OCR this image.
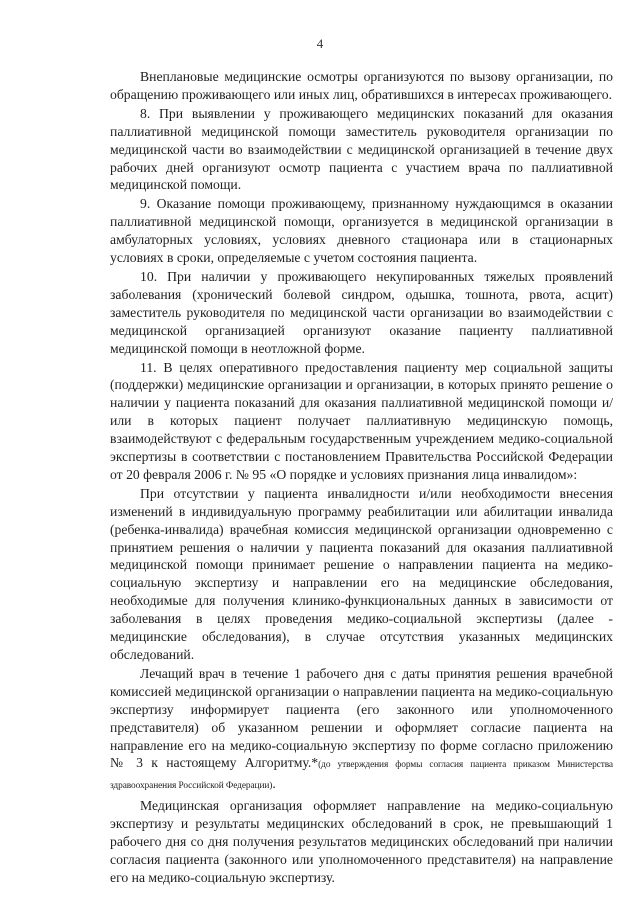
4

Внеплановые медицинские осмотры организуются по вызову организации, по обращению проживающего или иных лиц, обратившихся в интересах проживающего.

8. При выявлении у проживающего медицинских показаний для оказания паллиативной медицинской помощи заместитель руководителя организации по медицинской части во взаимодействии с медицинской организацией в течение двух рабочих дней организуют осмотр пациента с участием врача по паллиативной медицинской помощи.

9. Оказание помощи проживающему, признанному нуждающимся в оказании паллиативной медицинской помощи, организуется в медицинской организации в амбулаторных условиях, условиях дневного стационара или в стационарных условиях в сроки, определяемые с учетом состояния пациента.

10. При наличии у проживающего некупированных тяжелых проявлений заболевания (хронический болевой синдром, одышка, тошнота, рвота, асцит) заместитель руководителя по медицинской части организации во взаимодействии с медицинской организацией организуют оказание пациенту паллиативной медицинской помощи в неотложной форме.

11. В целях оперативного предоставления пациенту мер социальной защиты (поддержки) медицинские организации и организации, в которых принято решение о наличии у пациента показаний для оказания паллиативной медицинской помощи и/или в которых пациент получает паллиативную медицинскую помощь, взаимодействуют с федеральным государственным учреждением медико-социальной экспертизы в соответствии с постановлением Правительства Российской Федерации от 20 февраля 2006 г. № 95 «О порядке и условиях признания лица инвалидом»:

При отсутствии у пациента инвалидности и/или необходимости внесения изменений в индивидуальную программу реабилитации или абилитации инвалида (ребенка-инвалида) врачебная комиссия медицинской организации одновременно с принятием решения о наличии у пациента показаний для оказания паллиативной медицинской помощи принимает решение о направлении пациента на медико-социальную экспертизу и направлении его на медицинские обследования, необходимые для получения клинико-функциональных данных в зависимости от заболевания в целях проведения медико-социальной экспертизы (далее - медицинские обследования), в случае отсутствия указанных медицинских обследований.

Лечащий врач в течение 1 рабочего дня с даты принятия решения врачебной комиссией медицинской организации о направлении пациента на медико-социальную экспертизу информирует пациента (его законного или уполномоченного представителя) об указанном решении и оформляет согласие пациента на направление его на медико-социальную экспертизу по форме согласно приложению № 3 к настоящему Алгоритму.*(до утверждения формы согласия пациента приказом Министерства здравоохранения Российской Федерации).

Медицинская организация оформляет направление на медико-социальную экспертизу и результаты медицинских обследований в срок, не превышающий 1 рабочего дня со дня получения результатов медицинских обследований при наличии согласия пациента (законного или уполномоченного представителя) на направление его на медико-социальную экспертизу.
